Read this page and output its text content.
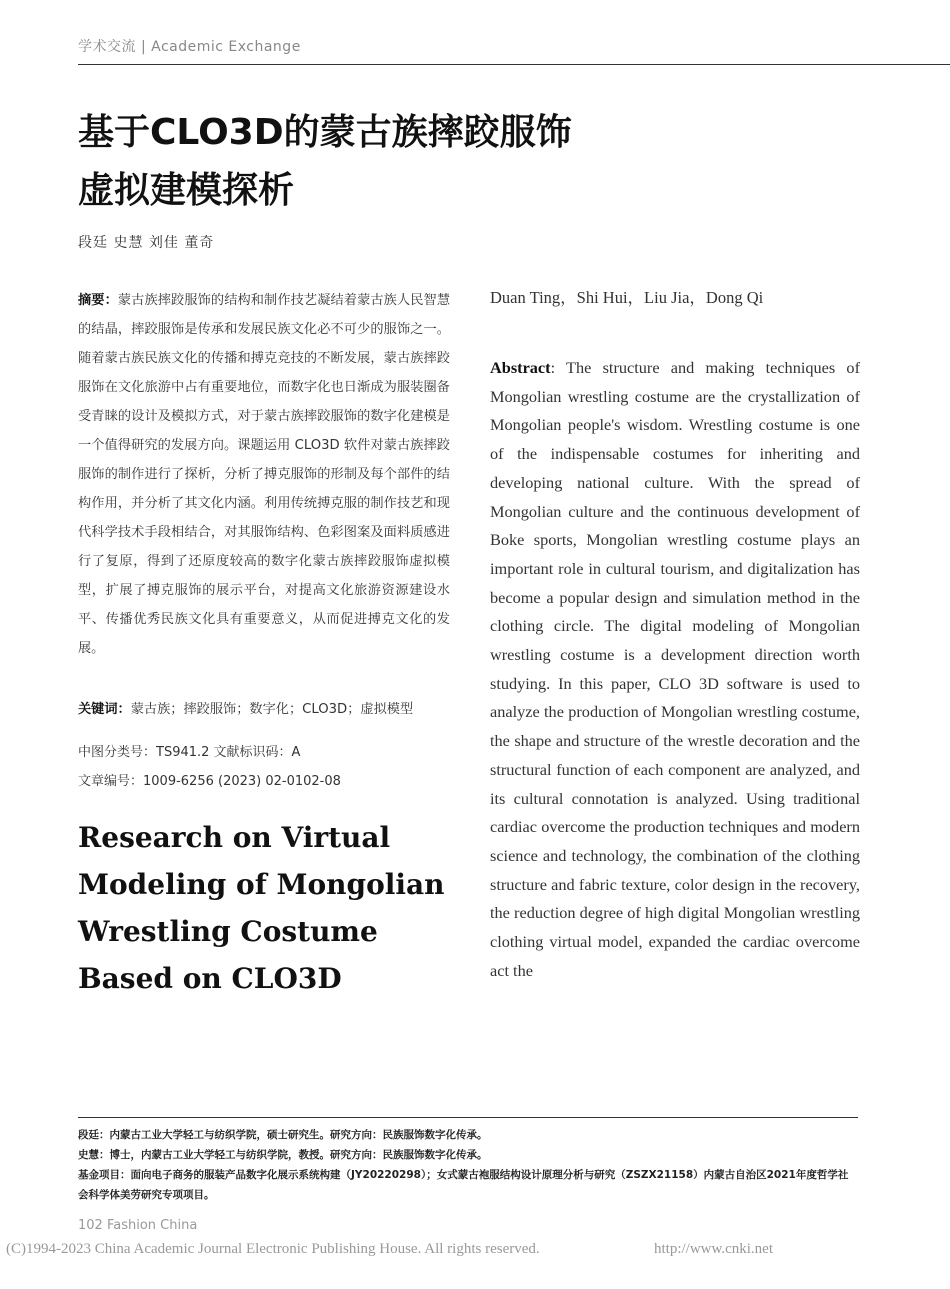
学术交流 | Academic Exchange
基于CLO3D的蒙古族摔跤服饰
虚拟建模探析
段廷 史慧 刘佳 董奇

摘要：蒙古族摔跤服饰的结构和制作技艺凝结着蒙古族人民智慧的结晶，摔跤服饰是传承和发展民族文化必不可少的服饰之一。随着蒙古族民族文化的传播和搏克竞技的不断发展，蒙古族摔跤服饰在文化旅游中占有重要地位，而数字化也日渐成为服装圈备受青睐的设计及模拟方式，对于蒙古族摔跤服饰的数字化建模是一个值得研究的发展方向。课题运用 CLO3D 软件对蒙古族摔跤服饰的制作进行了探析，分析了搏克服饰的形制及每个部件的结构作用，并分析了其文化内涵。利用传统搏克服的制作技艺和现代科学技术手段相结合，对其服饰结构、色彩图案及面料质感进行了复原，得到了还原度较高的数字化蒙古族摔跤服饰虚拟模型，扩展了搏克服饰的展示平台，对提高文化旅游资源建设水平、传播优秀民族文化具有重要意义，从而促进搏克文化的发展。

关键词：蒙古族；摔跤服饰；数字化；CLO3D；虚拟模型
中图分类号：TS941.2 文献标识码：A
文章编号：1009-6256 (2023) 02-0102-08
Research on Virtual Modeling of Mongolian Wrestling Costume Based on CLO3D
Duan Ting，Shi Hui，Liu Jia，Dong Qi
Abstract: The structure and making techniques of Mongolian wrestling costume are the crystallization of Mongolian people's wisdom. Wrestling costume is one of the indispensable costumes for inheriting and developing national culture. With the spread of Mongolian culture and the continuous development of Boke sports, Mongolian wrestling costume plays an important role in cultural tourism, and digitalization has become a popular design and simulation method in the clothing circle. The digital modeling of Mongolian wrestling costume is a development direction worth studying. In this paper, CLO 3D software is used to analyze the production of Mongolian wrestling costume, the shape and structure of the wrestle decoration and the structural function of each component are analyzed, and its cultural connotation is analyzed. Using traditional cardiac overcome the production techniques and modern science and technology, the combination of the clothing structure and fabric texture, color design in the recovery, the reduction degree of high digital Mongolian wrestling clothing virtual model, expanded the cardiac overcome act the
段廷：内蒙古工业大学轻工与纺织学院，硕士研究生。研究方向：民族服饰数字化传承。
史慧：博士，内蒙古工业大学轻工与纺织学院，教授。研究方向：民族服饰数字化传承。
基金项目：面向电子商务的服装产品数字化展示系统构建（JY20220298）；女式蒙古袍服结构设计原理分析与研究（ZSZX21158）内蒙古自治区2021年度哲学社会科学体美劳研究专项项目。
102 Fashion China
(C)1994-2023 China Academic Journal Electronic Publishing House. All rights reserved.	http://www.cnki.net
